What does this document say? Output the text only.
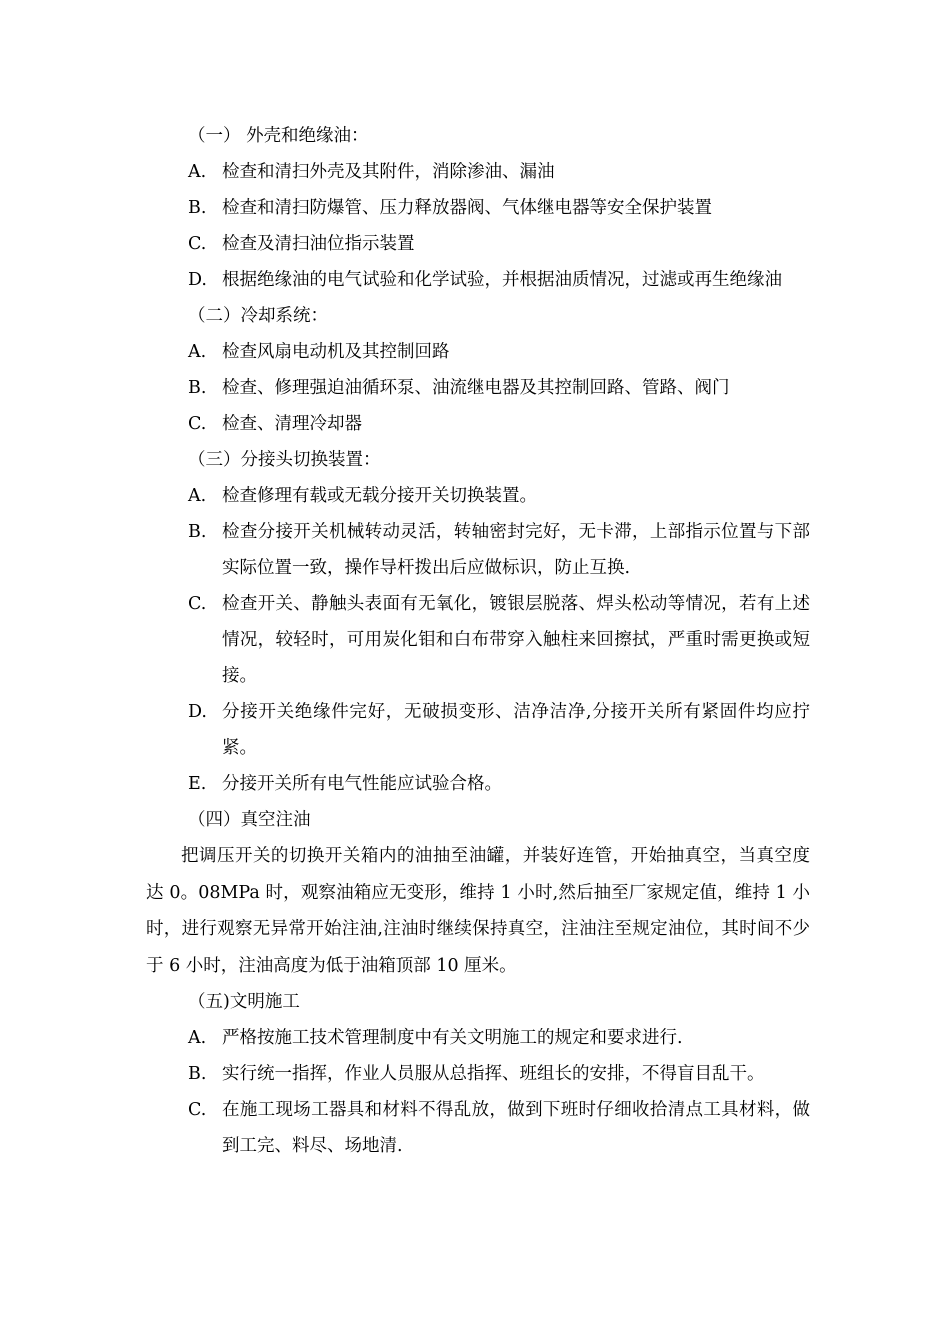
（一） 外壳和绝缘油：
A. 检查和清扫外壳及其附件，消除渗油、漏油
B. 检查和清扫防爆管、压力释放器阀、气体继电器等安全保护装置
C. 检查及清扫油位指示装置
D. 根据绝缘油的电气试验和化学试验，并根据油质情况，过滤或再生绝缘油
（二）冷却系统：
A. 检查风扇电动机及其控制回路
B. 检查、修理强迫油循环泵、油流继电器及其控制回路、管路、阀门
C. 检查、清理冷却器
（三）分接头切换装置：
A. 检查修理有载或无载分接开关切换装置。
B. 检查分接开关机械转动灵活，转轴密封完好，无卡滞，上部指示位置与下部实际位置一致，操作导杆拨出后应做标识，防止互换.
C. 检查开关、静触头表面有无氧化，镀银层脱落、焊头松动等情况，若有上述情况，较轻时，可用炭化钼和白布带穿入触柱来回擦拭，严重时需更换或短接。
D. 分接开关绝缘件完好，无破损变形、洁净洁净,分接开关所有紧固件均应拧紧。
E. 分接开关所有电气性能应试验合格。
（四）真空注油
把调压开关的切换开关箱内的油抽至油罐，并装好连管，开始抽真空，当真空度达 0。08MPa 时，观察油箱应无变形，维持 1 小时,然后抽至厂家规定值，维持 1 小时，进行观察无异常开始注油,注油时继续保持真空，注油注至规定油位，其时间不少于 6 小时，注油高度为低于油箱顶部 10 厘米。
（五)文明施工
A. 严格按施工技术管理制度中有关文明施工的规定和要求进行.
B. 实行统一指挥，作业人员服从总指挥、班组长的安排，不得盲目乱干。
C. 在施工现场工器具和材料不得乱放，做到下班时仔细收拾清点工具材料，做到工完、料尽、场地清.
